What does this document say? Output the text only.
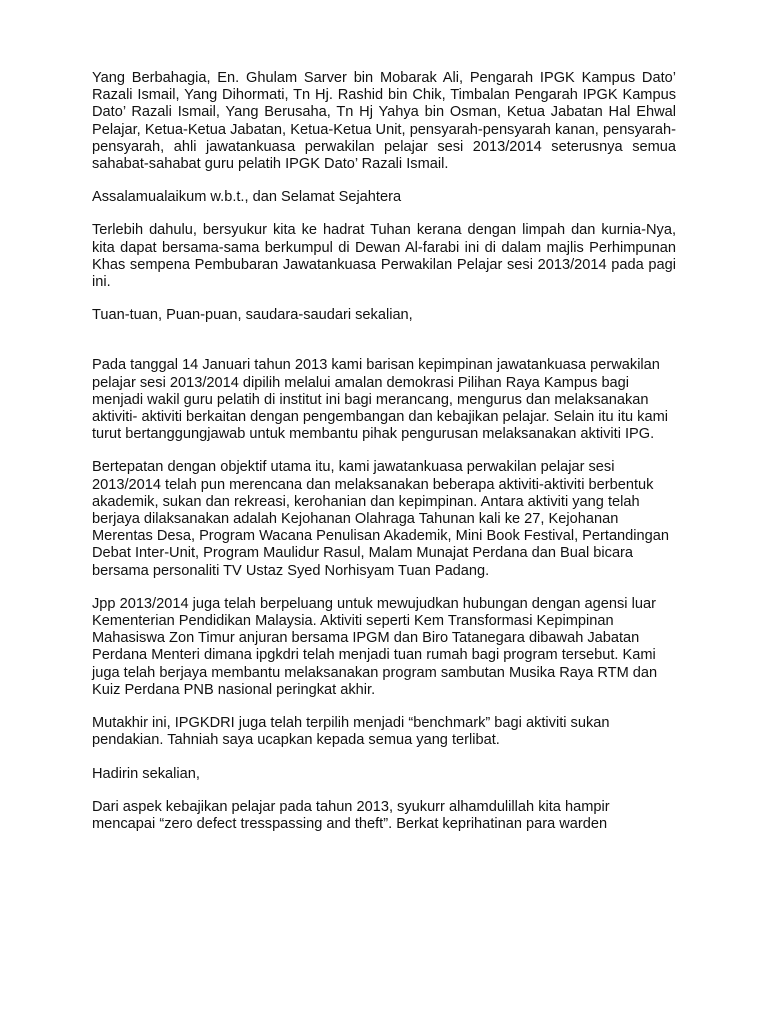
Yang Berbahagia, En. Ghulam Sarver bin Mobarak Ali, Pengarah IPGK Kampus Dato’ Razali Ismail, Yang Dihormati, Tn Hj. Rashid bin Chik, Timbalan Pengarah IPGK Kampus Dato’ Razali Ismail, Yang Berusaha, Tn Hj Yahya bin Osman, Ketua Jabatan Hal Ehwal Pelajar, Ketua-Ketua Jabatan, Ketua-Ketua Unit, pensyarah-pensyarah kanan, pensyarah-pensyarah, ahli jawatankuasa perwakilan pelajar sesi 2013/2014 seterusnya semua sahabat-sahabat guru pelatih IPGK Dato’ Razali Ismail.

Assalamualaikum w.b.t., dan Selamat Sejahtera

Terlebih dahulu, bersyukur kita ke hadrat Tuhan kerana dengan limpah dan kurnia-Nya, kita dapat bersama-sama berkumpul di Dewan Al-farabi ini di dalam majlis Perhimpunan Khas sempena Pembubaran Jawatankuasa Perwakilan Pelajar sesi 2013/2014 pada pagi ini.

Tuan-tuan, Puan-puan, saudara-saudari sekalian,

Pada tanggal 14 Januari tahun 2013 kami barisan kepimpinan jawatankuasa perwakilan pelajar sesi 2013/2014 dipilih melalui amalan demokrasi Pilihan Raya Kampus bagi menjadi wakil guru pelatih di institut ini bagi merancang, mengurus dan melaksanakan aktiviti- aktiviti berkaitan dengan pengembangan dan kebajikan pelajar. Selain itu itu kami turut bertanggungjawab untuk membantu pihak pengurusan melaksanakan aktiviti IPG.

Bertepatan dengan objektif utama itu, kami jawatankuasa perwakilan pelajar sesi 2013/2014 telah pun merencana dan melaksanakan beberapa aktiviti-aktiviti berbentuk akademik, sukan dan rekreasi, kerohanian dan kepimpinan. Antara aktiviti yang telah berjaya dilaksanakan adalah Kejohanan Olahraga Tahunan kali ke 27, Kejohanan Merentas Desa, Program Wacana Penulisan Akademik, Mini Book Festival, Pertandingan Debat Inter-Unit, Program Maulidur Rasul, Malam Munajat Perdana dan Bual bicara bersama personaliti TV Ustaz Syed Norhisyam Tuan Padang.

Jpp 2013/2014 juga telah berpeluang untuk mewujudkan hubungan dengan agensi luar Kementerian Pendidikan Malaysia. Aktiviti seperti Kem Transformasi Kepimpinan Mahasiswa Zon Timur anjuran bersama IPGM dan Biro Tatanegara dibawah Jabatan Perdana Menteri dimana ipgkdri telah menjadi tuan rumah bagi program tersebut. Kami juga telah berjaya membantu melaksanakan program sambutan Musika Raya RTM dan Kuiz Perdana PNB nasional peringkat akhir.

Mutakhir ini, IPGKDRI juga telah terpilih menjadi “benchmark” bagi aktiviti sukan pendakian. Tahniah saya ucapkan kepada semua yang terlibat.

Hadirin sekalian,

Dari aspek kebajikan pelajar pada tahun 2013, syukurr alhamdulillah kita hampir mencapai “zero defect tresspassing and theft”. Berkat keprihatinan para warden
